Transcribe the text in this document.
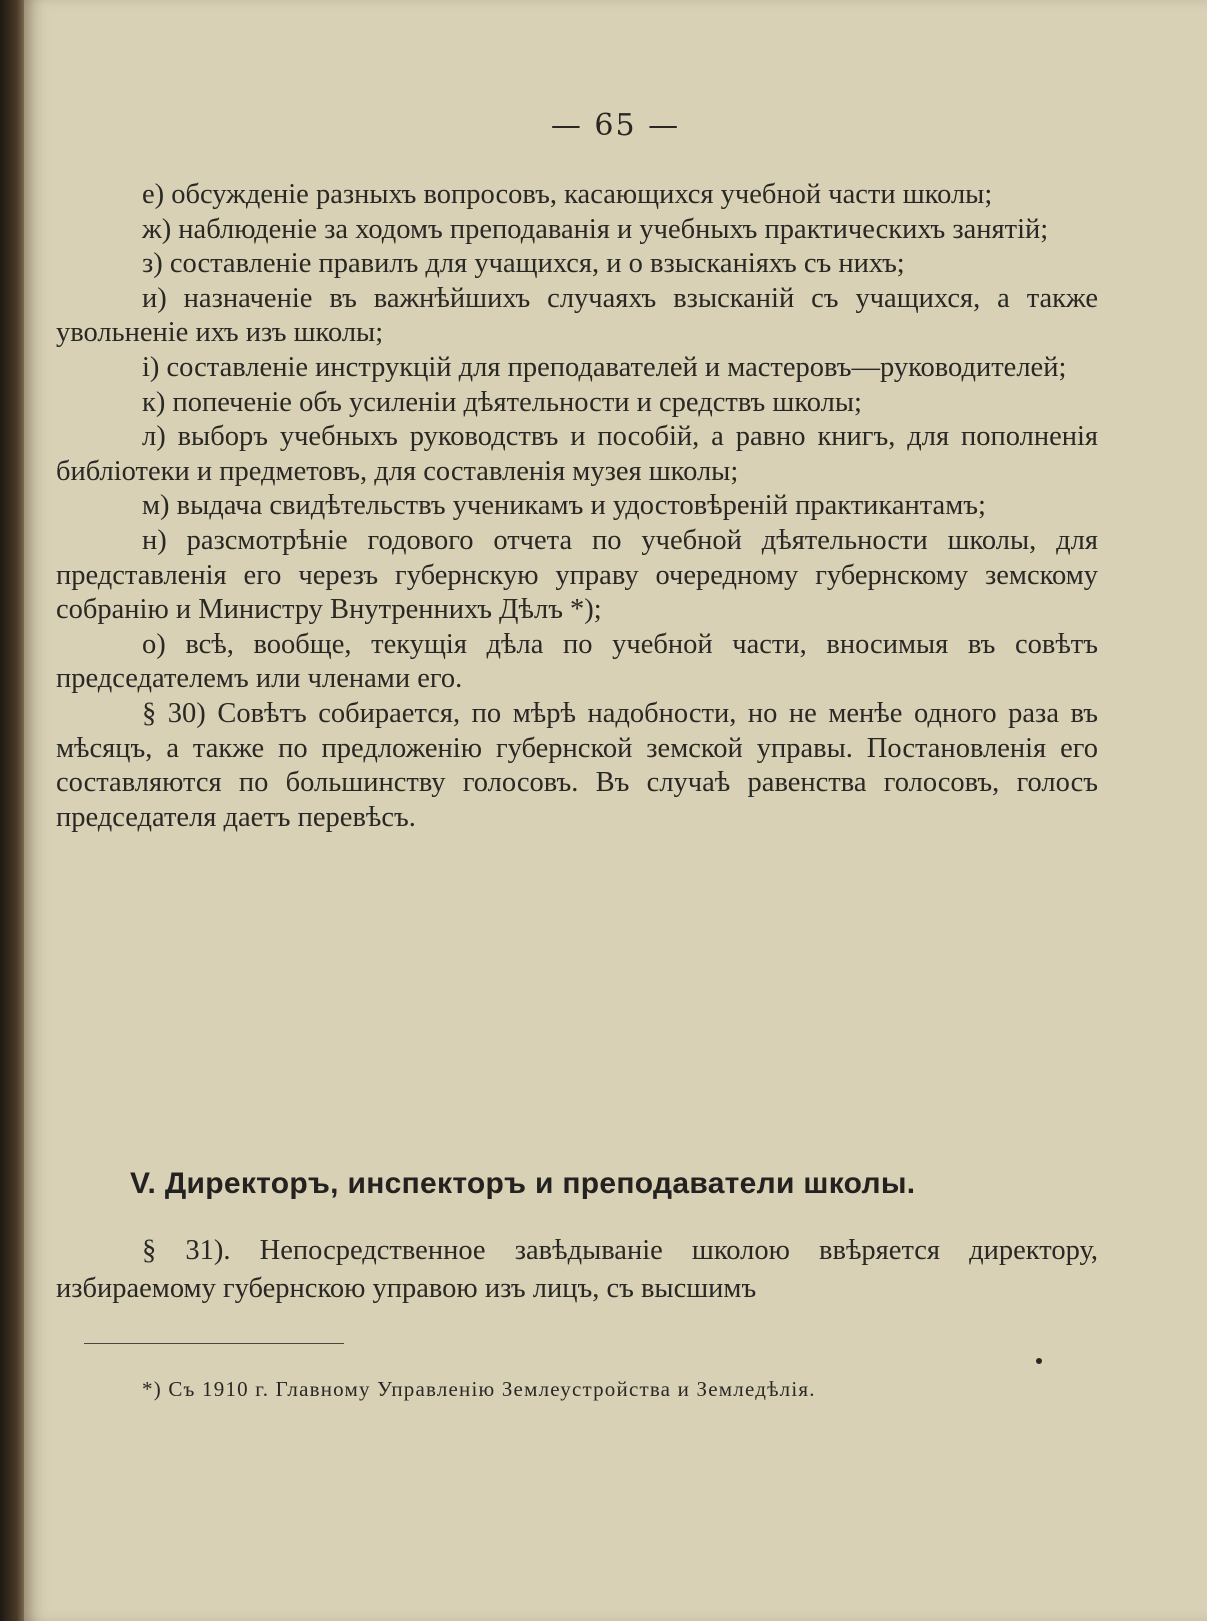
— 65 —

е) обсужденіе разныхъ вопросовъ, касающихся учебной части школы;

ж) наблюденіе за ходомъ преподаванія и учебныхъ практическихъ занятій;

з) составленіе правилъ для учащихся, и о взысканіяхъ съ нихъ;

и) назначеніе въ важнѣйшихъ случаяхъ взысканій съ учащихся, а также увольненіе ихъ изъ школы;

і) составленіе инструкцій для преподавателей и мастеровъ—руководителей;

к) попеченіе объ усиленіи дѣятельности и средствъ школы;

л) выборъ учебныхъ руководствъ и пособій, а равно книгъ, для пополненія библіотеки и предметовъ, для составленія музея школы;

м) выдача свидѣтельствъ ученикамъ и удостовѣреній практикантамъ;

н) разсмотрѣніе годового отчета по учебной дѣятельности школы, для представленія его черезъ губернскую управу очередному губернскому земскому собранію и Министру Внутреннихъ Дѣлъ *);

о) всѣ, вообще, текущія дѣла по учебной части, вносимыя въ совѣтъ председателемъ или членами его.

§ 30) Совѣтъ собирается, по мѣрѣ надобности, но не менѣе одного раза въ мѣсяцъ, а также по предложенію губернской земской управы. Постановленія его составляются по большинству голосовъ. Въ случаѣ равенства голосовъ, голосъ председателя даетъ перевѣсъ.

V. Директоръ, инспекторъ и преподаватели школы.

§ 31). Непосредственное завѣдываніе школою ввѣряется директору, избираемому губернскою управою изъ лицъ, съ высшимъ

*) Съ 1910 г. Главному Управленію Землеустройства и Земледѣлія.
